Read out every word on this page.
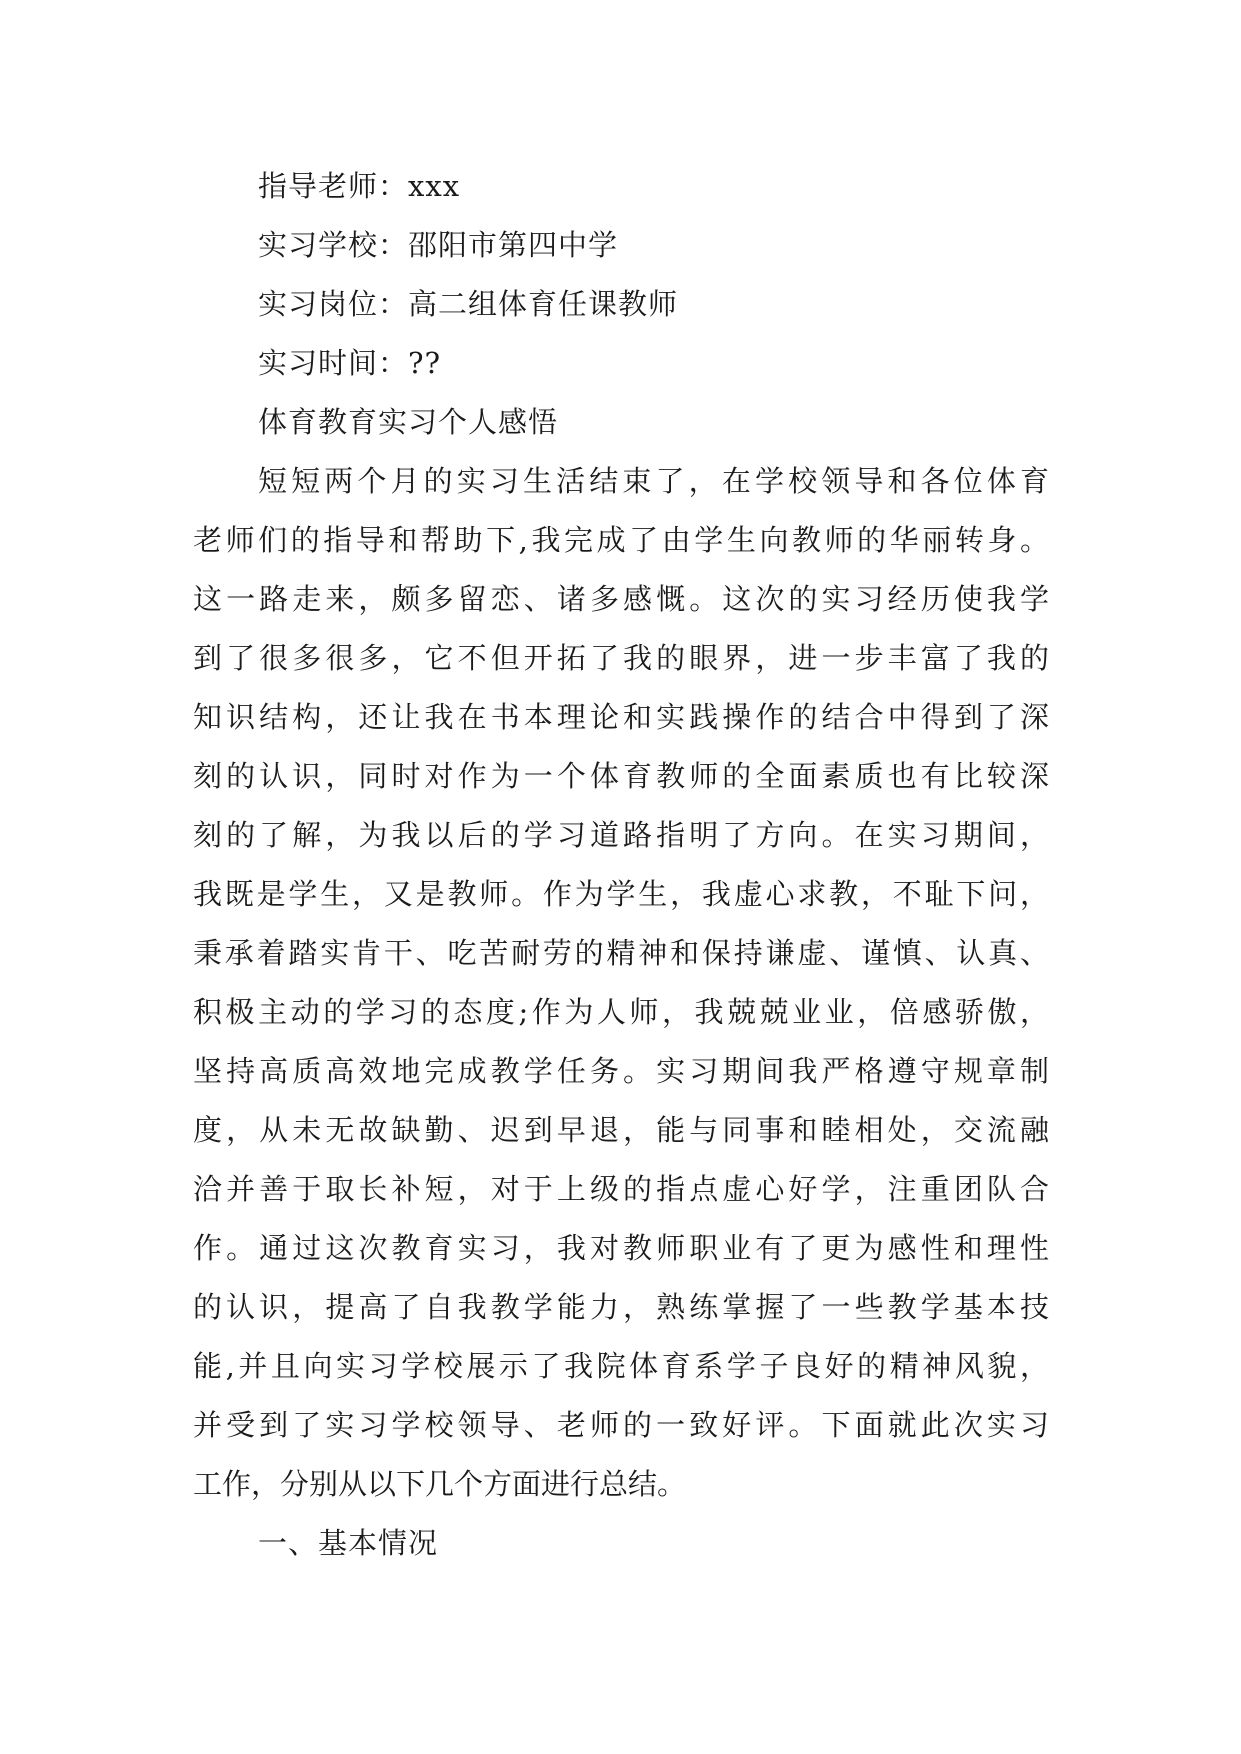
指导老师：xxx
实习学校：邵阳市第四中学
实习岗位：高二组体育任课教师
实习时间：??
体育教育实习个人感悟
短短两个月的实习生活结束了，在学校领导和各位体育
老师们的指导和帮助下,我完成了由学生向教师的华丽转身。
这一路走来，颇多留恋、诸多感慨。这次的实习经历使我学
到了很多很多，它不但开拓了我的眼界，进一步丰富了我的
知识结构，还让我在书本理论和实践操作的结合中得到了深
刻的认识，同时对作为一个体育教师的全面素质也有比较深
刻的了解，为我以后的学习道路指明了方向。在实习期间，
我既是学生，又是教师。作为学生，我虚心求教，不耻下问，
秉承着踏实肯干、吃苦耐劳的精神和保持谦虚、谨慎、认真、
积极主动的学习的态度;作为人师，我兢兢业业，倍感骄傲，
坚持高质高效地完成教学任务。实习期间我严格遵守规章制
度，从未无故缺勤、迟到早退，能与同事和睦相处，交流融
洽并善于取长补短，对于上级的指点虚心好学，注重团队合
作。通过这次教育实习，我对教师职业有了更为感性和理性
的认识，提高了自我教学能力，熟练掌握了一些教学基本技
能,并且向实习学校展示了我院体育系学子良好的精神风貌，
并受到了实习学校领导、老师的一致好评。下面就此次实习
工作，分别从以下几个方面进行总结。
一、基本情况
